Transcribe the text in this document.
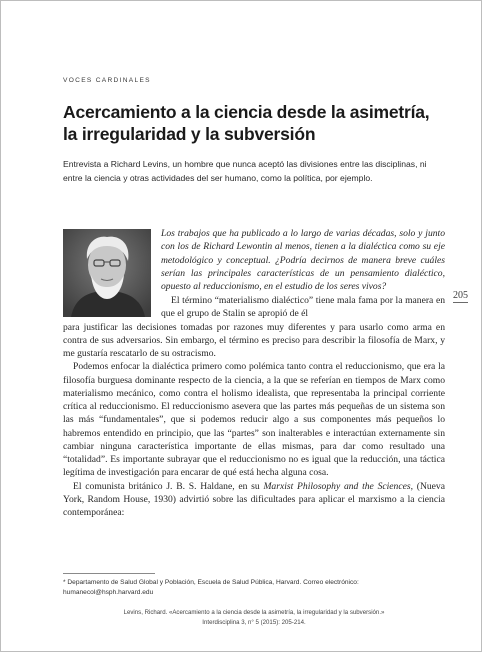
VOCES CARDINALES
Acercamiento a la ciencia desde la asimetría, la irregularidad y la subversión
Entrevista a Richard Levins, un hombre que nunca aceptó las divisiones entre las disciplinas, ni entre la ciencia y otras actividades del ser humano, como la política, por ejemplo.
Los trabajos que ha publicado a lo largo de varias décadas, solo y junto con los de Richard Lewontin al menos, tienen a la dialéctica como su eje metodológico y conceptual. ¿Podría decirnos de manera breve cuáles serían las principales características de un pensamiento dialéctico, opuesto al reduccionismo, en el estudio de los seres vivos?
205

El término “materialismo dialéctico” tiene mala fama por la manera en que el grupo de Stalin se apropió de él

para justificar las decisiones tomadas por razones muy diferentes y para usarlo como arma en contra de sus adversarios. Sin embargo, el término es preciso para describir la filosofía de Marx, y me gustaría rescatarlo de su ostracismo.

Podemos enfocar la dialéctica primero como polémica tanto contra el reduccionismo, que era la filosofía burguesa dominante respecto de la ciencia, a la que se referían en tiempos de Marx como materialismo mecánico, como contra el holismo idealista, que representaba la principal corriente crítica al reduccionismo. El reduccionismo asevera que las partes más pequeñas de un sistema son las más “fundamentales”, que si podemos reducir algo a sus componentes más pequeños lo habremos entendido en principio, que las “partes” son inalterables e interactúan externamente sin cambiar ninguna característica importante de ellas mismas, para dar como resultado una “totalidad”. Es importante subrayar que el reduccionismo no es igual que la reducción, una táctica legítima de investigación para encarar de qué está hecha alguna cosa.

El comunista británico J. B. S. Haldane, en su Marxist Philosophy and the Sciences, (Nueva York, Random House, 1930) advirtió sobre las dificultades para aplicar el marxismo a la ciencia contemporánea:

* Departamento de Salud Global y Población, Escuela de Salud Pública, Harvard. Correo electrónico: humanecol@hsph.harvard.edu
Levins, Richard. «Acercamiento a la ciencia desde la asimetría, la irregularidad y la subversión.»
Interdisciplina 3, n° 5 (2015): 205-214.
